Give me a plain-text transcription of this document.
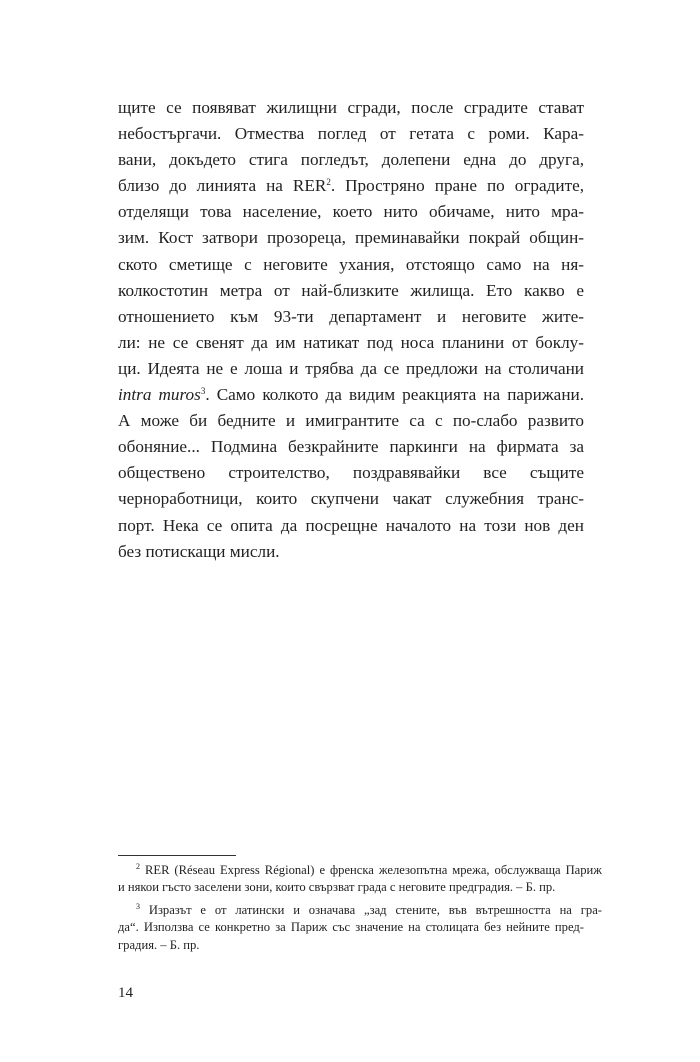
щите се появяват жилищни сгради, после сградите стават
небостъргачи. Отмества поглед от гетата с роми. Кара-
вани, докъдето стига погледът, долепени една до друга,
близо до линията на RER$^2$. Простряно пране по оградите,
отделящи това население, което нито обичаме, нито мра-
зим. Кост затвори прозореца, преминавайки покрай общин-
ското сметище с неговите ухания, отстоящо само на ня-
колкостотин метра от най-близките жилища. Ето какво е
отношението към 93-ти департамент и неговите жите-
ли: не се свенят да им натикат под носа планини от боклу-
ци. Идеята не е лоша и трябва да се предложи на столичани
intra muros$^3$. Само колкото да видим реакцията на парижани.
А може би бедните и имигрантите са с по-слабо развито
обоняние... Подмина безкрайните паркинги на фирмата за
обществено строителство, поздравявайки все същите
чернoработници, които скупчени чакат служебния транс-
порт. Нека се опита да посрещне началото на този нов ден
без потискащи мисли.
$^2$ RER (Réseau Express Régional) е френска железопътна мрежа, обслужваща Париж
и някои гъсто заселени зони, които свързват града с неговите предградия. – Б. пр.
$^3$ Изразът е от латински и означава „зад стените, във вътрешността на гра-
да“. Използва се конкретно за Париж със значение на столицата без нейните пред-
градия. – Б. пр.
14
